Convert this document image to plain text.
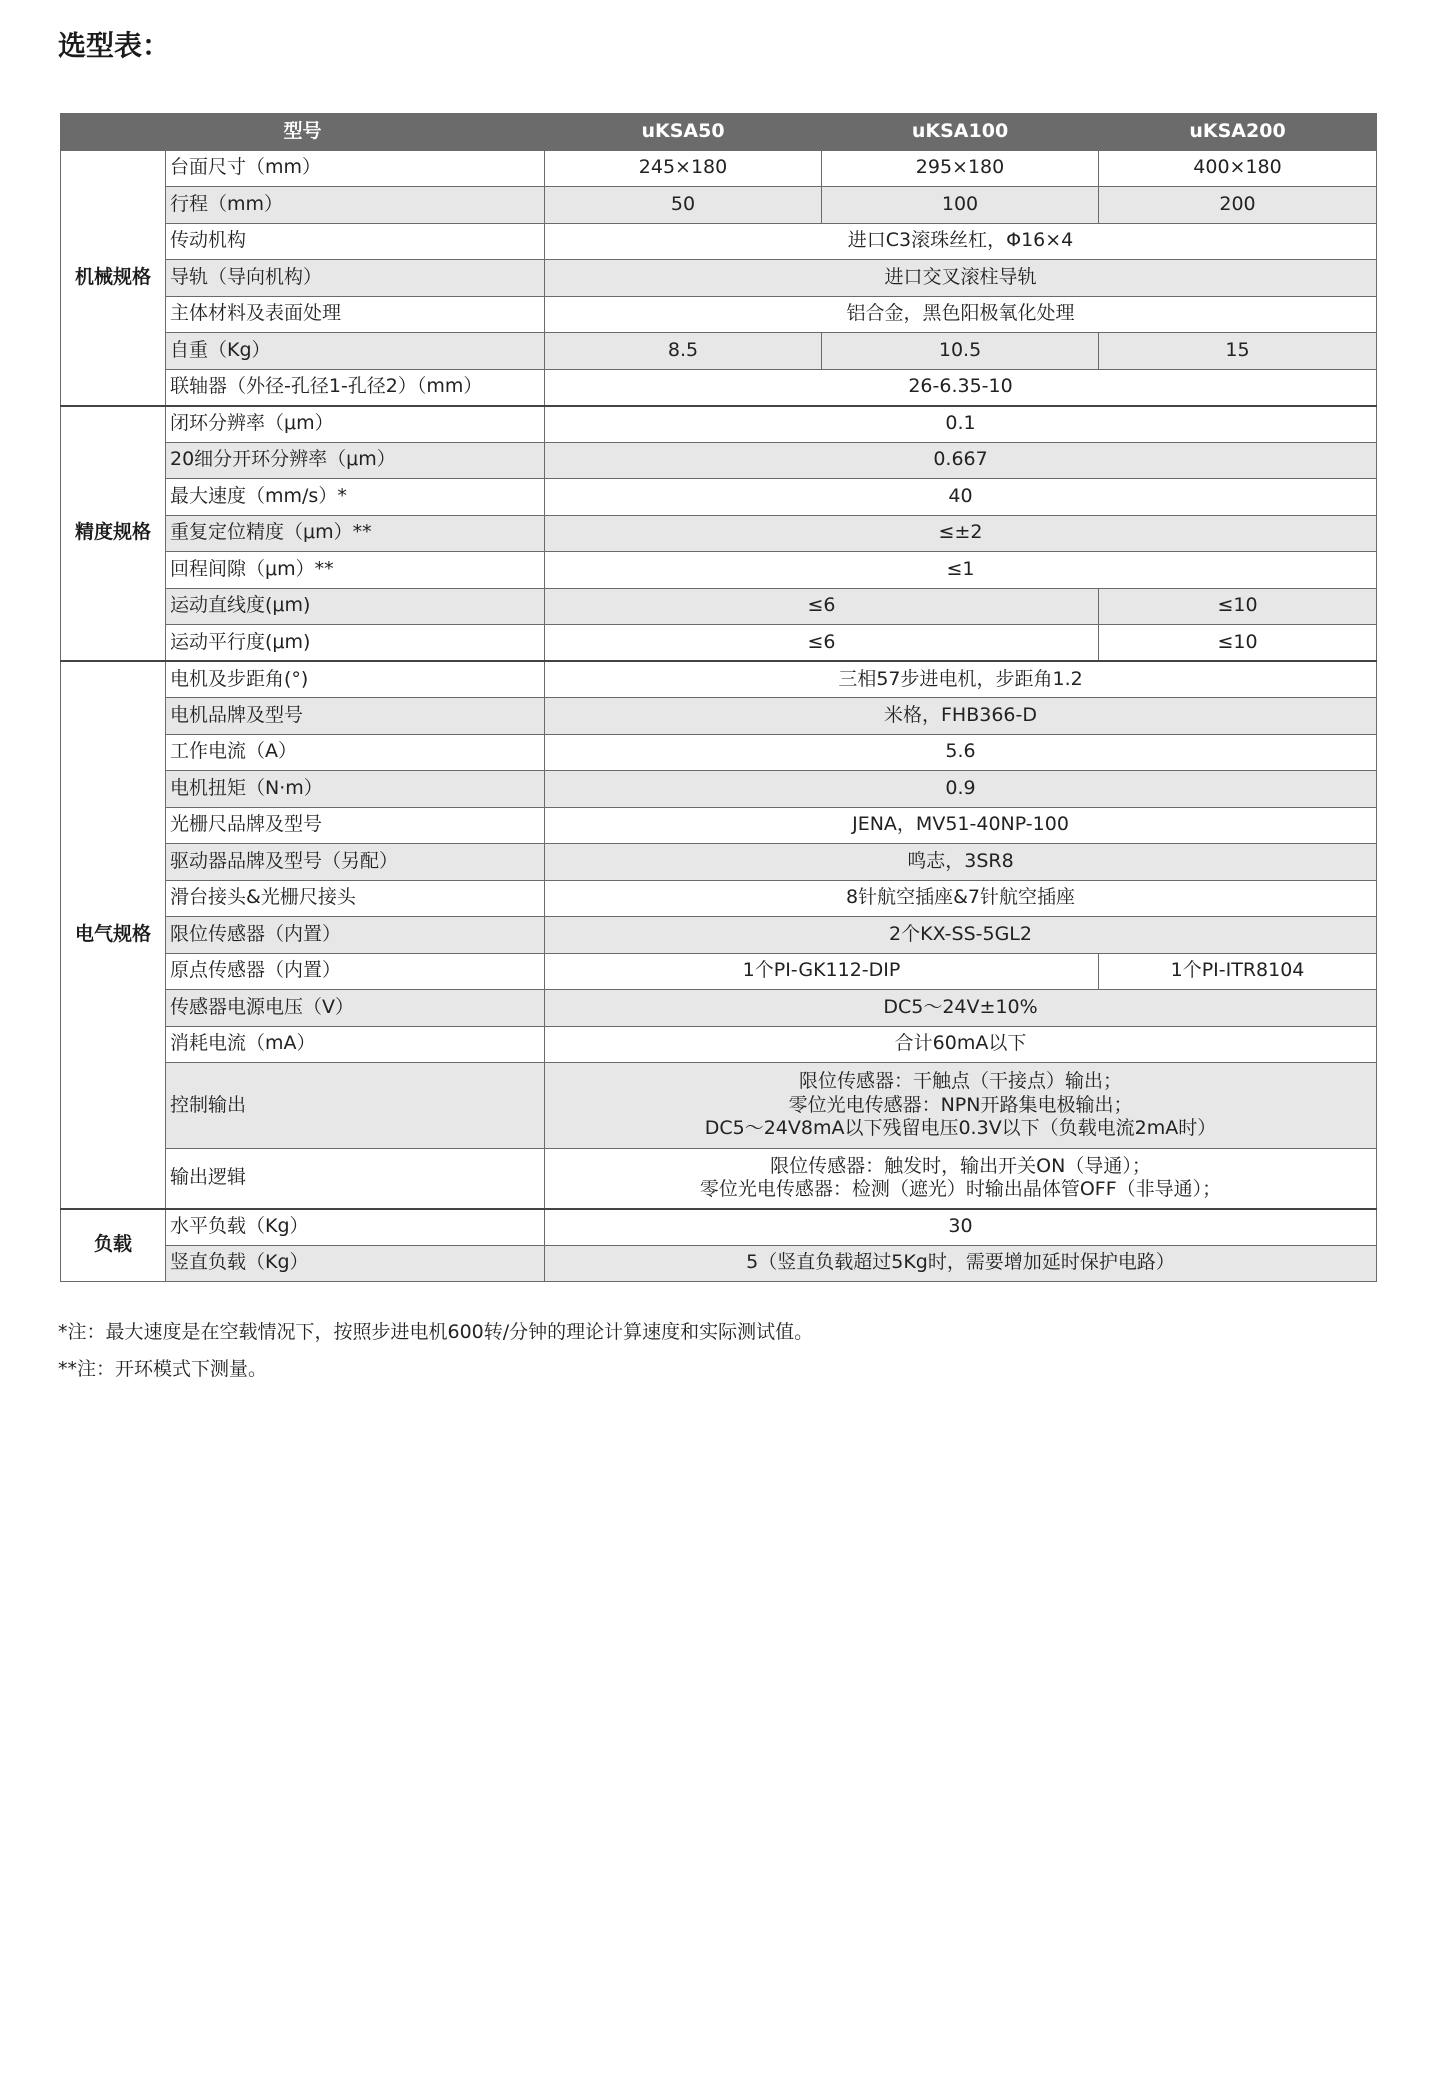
选型表：
型号		uKSA50	uKSA100	uKSA200
机械规格	台面尺寸（mm）	245×180	295×180	400×180
	行程（mm）	50	100	200
	传动机构	进口C3滚珠丝杠，Φ16×4		
	导轨（导向机构）	进口交叉滚柱导轨		
	主体材料及表面处理	铝合金，黑色阳极氧化处理		
	自重（Kg）	8.5	10.5	15
	联轴器（外径-孔径1-孔径2）（mm）	26-6.35-10		
精度规格	闭环分辨率（μm）	0.1		
	20细分开环分辨率（μm）	0.667		
	最大速度（mm/s）*	40		
	重复定位精度（μm）**	≤±2		
	回程间隙（μm）**	≤1		
	运动直线度(μm)	≤6		≤10
	运动平行度(μm)	≤6		≤10
电气规格	电机及步距角(°)	三相57步进电机，步距角1.2		
	电机品牌及型号	米格，FHB366-D		
	工作电流（A）	5.6		
	电机扭矩（N·m）	0.9		
	光栅尺品牌及型号	JENA，MV51-40NP-100		
	驱动器品牌及型号（另配）	鸣志，3SR8		
	滑台接头&光栅尺接头	8针航空插座&7针航空插座		
	限位传感器（内置）	2个KX-SS-5GL2		
	原点传感器（内置）	1个PI-GK112-DIP		1个PI-ITR8104
	传感器电源电压（V）	DC5～24V±10%		
	消耗电流（mA）	合计60mA以下		
	控制输出	限位传感器：干触点（干接点）输出；
零位光电传感器：NPN开路集电极输出；
DC5～24V8mA以下残留电压0.3V以下（负载电流2mA时）		

	输出逻辑	限位传感器：触发时，输出开关ON（导通）；
零位光电传感器：检测（遮光）时输出晶体管OFF（非导通）；		

负载	水平负载（Kg）	30		
	竖直负载（Kg）	5（竖直负载超过5Kg时，需要增加延时保护电路）		

*注：最大速度是在空载情况下，按照步进电机600转/分钟的理论计算速度和实际测试值。

**注：开环模式下测量。
